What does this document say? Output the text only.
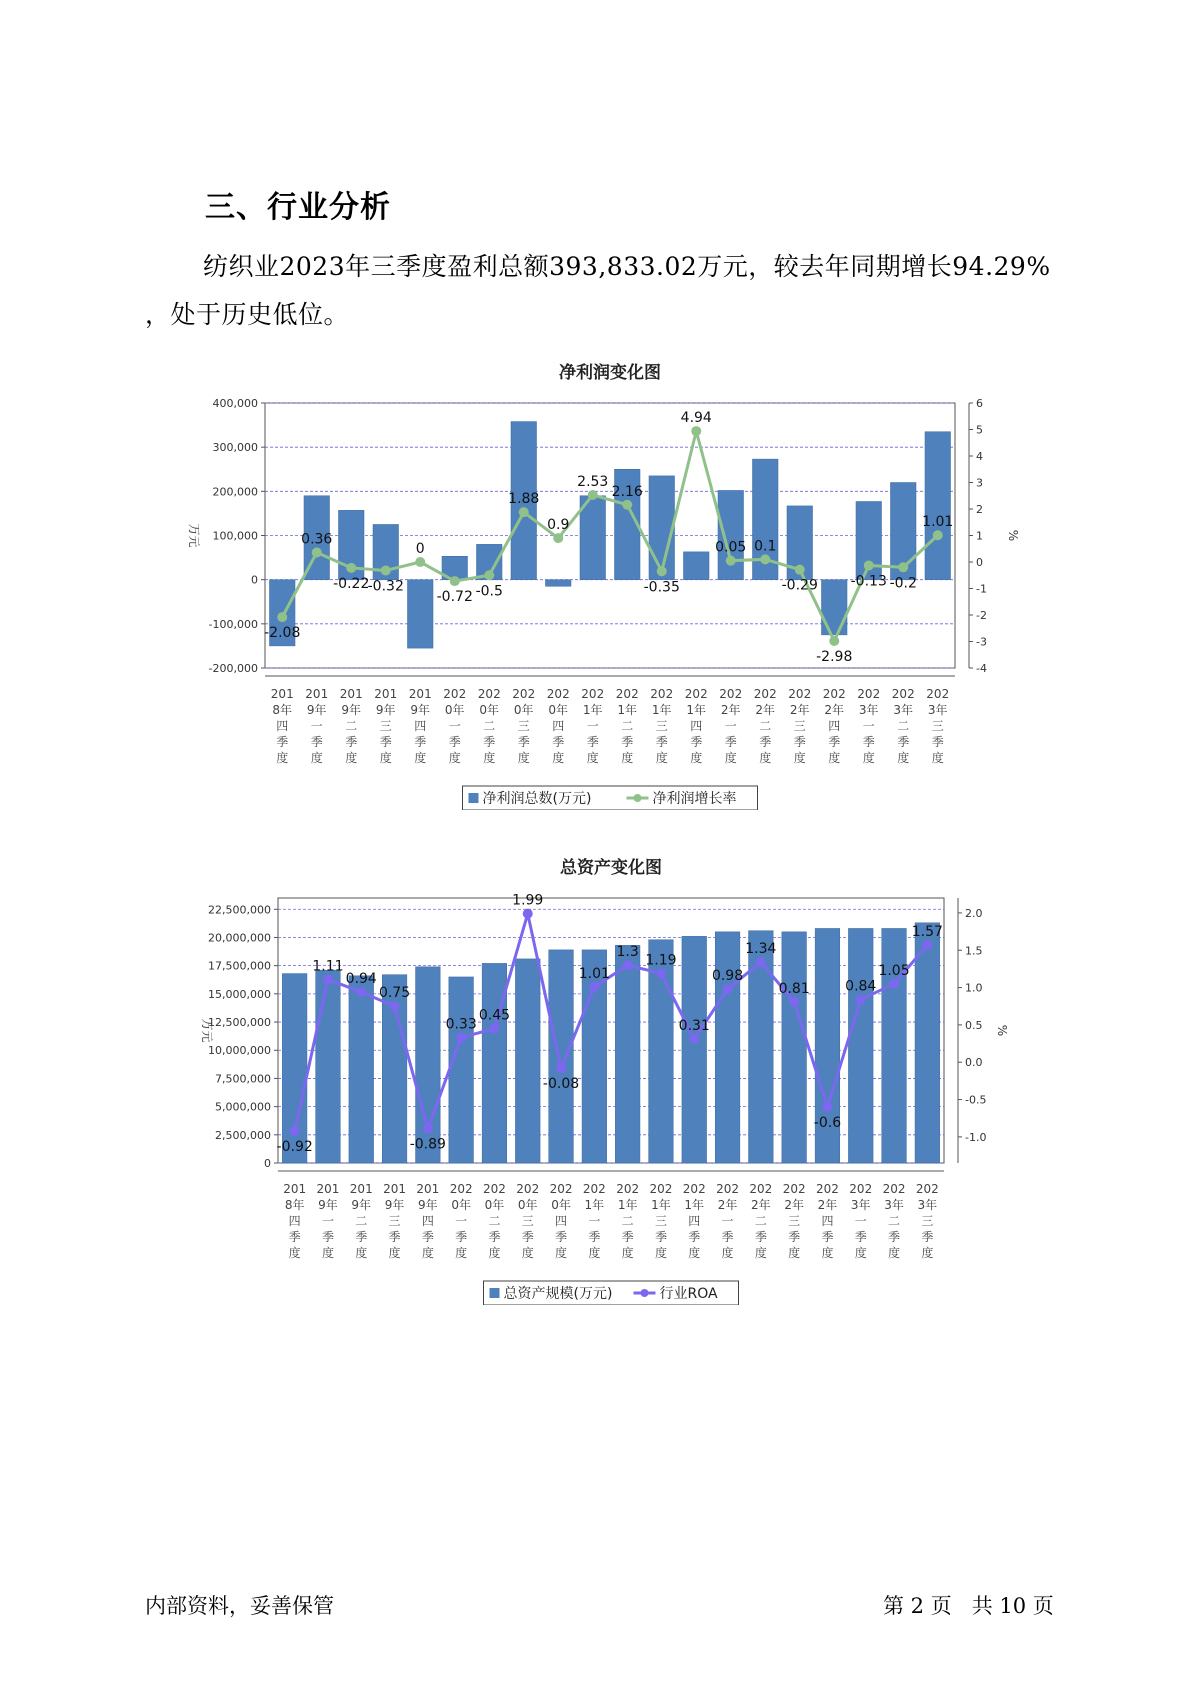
三、行业分析
纺织业2023年三季度盈利总额393,833.02万元，较去年同期增长94.29% ，处于历史低位。
净利润变化图
-200,000
-100,000
0
100,000
200,000
300,000
400,000
-4
-3
-2
-1
0
1
2
3
4
5
6
万元	%
-2.08
0.36
-0.22
-0.32
0
-0.72 -0.5
1.88
0.9
2.53
2.16
-0.35
4.94
0.05 0.1
-0.29
-2.98
-0.13 -0.2
1.01
201 8年四季度
201 9年一季度
201 9年二季度
201 9年三季度
201 9年四季度
202 0年一季度
202 0年二季度
202 0年三季度
202 0年四季度
202 1年一季度
202 1年二季度
202 1年三季度
202 1年四季度
202 2年一季度
202 2年二季度
202 2年三季度
202 2年四季度
202 3年一季度
202 3年二季度
202 3年三季度
净利润总数(万元)	净利润增长率
总资产变化图
0
2,500,000
5,000,000
7,500,000
10,000,000
12,500,000
15,000,000
17,500,000
20,000,000
22,500,000
-1.0
-0.5
0.0
0.5
1.0
1.5
2.0
万元	%
-0.92
1.11
0.94
0.75
-0.89
0.33
0.45
1.99
-0.08
1.01
1.3
1.19
0.31
0.98
1.34
0.81
-0.6
0.84
1.05
1.57
201 8年四季度
201 9年一季度
201 9年二季度
201 9年三季度
201 9年四季度
202 0年一季度
202 0年二季度
202 0年三季度
202 0年四季度
202 1年一季度
202 1年二季度
202 1年三季度
202 1年四季度
202 2年一季度
202 2年二季度
202 2年三季度
202 2年四季度
202 3年一季度
202 3年二季度
202 3年三季度
总资产规模(万元)	行业ROA
内部资料，妥善保管	第 2 页   共 10 页
